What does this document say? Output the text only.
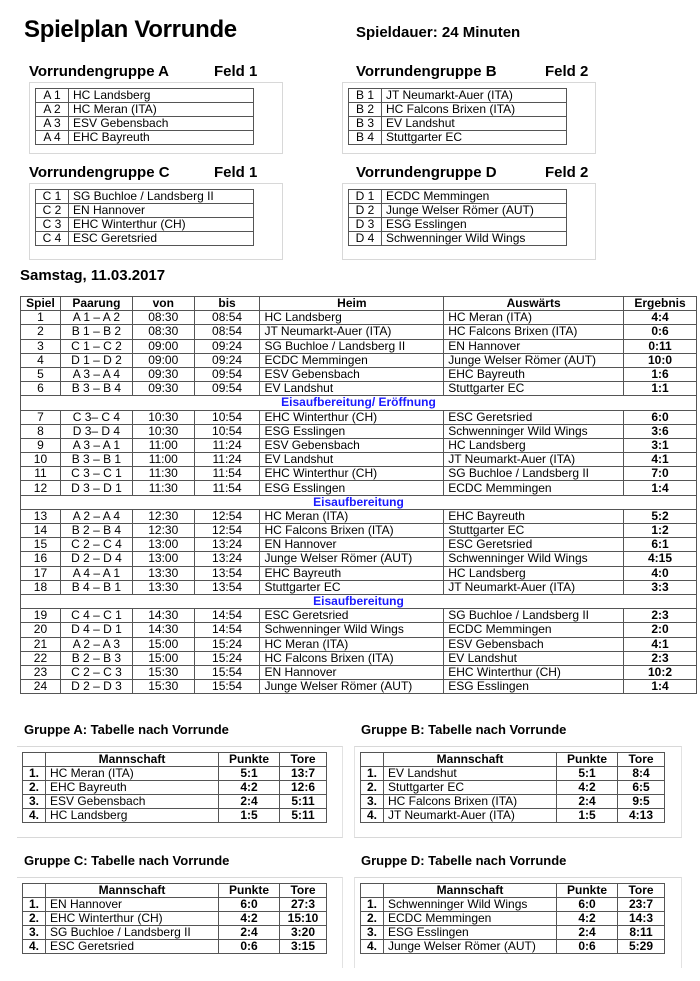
Spielplan Vorrunde	Spieldauer: 24 Minuten
Vorrundengruppe A	Feld 1
A 1	HC Landsberg
A 2	HC Meran (ITA)
A 3	ESV Gebensbach
A 4	EHC Bayreuth
Vorrundengruppe B	Feld 2
B 1	JT Neumarkt-Auer (ITA)
B 2	HC Falcons Brixen (ITA)
B 3	EV Landshut
B 4	Stuttgarter EC
Vorrundengruppe C	Feld 1
C 1	SG Buchloe / Landsberg II
C 2	EN Hannover
C 3	EHC Winterthur (CH)
C 4	ESC Geretsried
Vorrundengruppe D	Feld 2
D 1	ECDC Memmingen
D 2	Junge Welser Römer (AUT)
D 3	ESG Esslingen
D 4	Schwenninger Wild Wings
Samstag, 11.03.2017
Spiel	Paarung	von	bis	Heim	Auswärts	Ergebnis
1	A 1 – A 2	08:30	08:54	HC Landsberg	HC Meran (ITA)	4:4
2	B 1 – B 2	08:30	08:54	JT Neumarkt-Auer (ITA)	HC Falcons Brixen (ITA)	0:6
3	C 1 – C 2	09:00	09:24	SG Buchloe / Landsberg II	EN Hannover	0:11
4	D 1 – D 2	09:00	09:24	ECDC Memmingen	Junge Welser Römer (AUT)	10:0
5	A 3 – A 4	09:30	09:54	ESV Gebensbach	EHC Bayreuth	1:6
6	B 3 – B 4	09:30	09:54	EV Landshut	Stuttgarter EC	1:1
Eisaufbereitung/ Eröffnung						
7	C 3– C 4	10:30	10:54	EHC Winterthur (CH)	ESC Geretsried	6:0
8	D 3– D 4	10:30	10:54	ESG Esslingen	Schwenninger Wild Wings	3:6
9	A 3 – A 1	11:00	11:24	ESV Gebensbach	HC Landsberg	3:1
10	B 3 – B 1	11:00	11:24	EV Landshut	JT Neumarkt-Auer (ITA)	4:1
11	C 3 – C 1	11:30	11:54	EHC Winterthur (CH)	SG Buchloe / Landsberg II	7:0
12	D 3 – D 1	11:30	11:54	ESG Esslingen	ECDC Memmingen	1:4
Eisaufbereitung						
13	A 2 – A 4	12:30	12:54	HC Meran (ITA)	EHC Bayreuth	5:2
14	B 2 – B 4	12:30	12:54	HC Falcons Brixen (ITA)	Stuttgarter EC	1:2
15	C 2 – C 4	13:00	13:24	EN Hannover	ESC Geretsried	6:1
16	D 2 – D 4	13:00	13:24	Junge Welser Römer (AUT)	Schwenninger Wild Wings	4:15
17	A 4 – A 1	13:30	13:54	EHC Bayreuth	HC Landsberg	4:0
18	B 4 – B 1	13:30	13:54	Stuttgarter EC	JT Neumarkt-Auer (ITA)	3:3
Eisaufbereitung						
19	C 4 – C 1	14:30	14:54	ESC Geretsried	SG Buchloe / Landsberg II	2:3
20	D 4 – D 1	14:30	14:54	Schwenninger Wild Wings	ECDC Memmingen	2:0
21	A 2 – A 3	15:00	15:24	HC Meran (ITA)	ESV Gebensbach	4:1
22	B 2 – B 3	15:00	15:24	HC Falcons Brixen (ITA)	EV Landshut	2:3
23	C 2 – C 3	15:30	15:54	EN Hannover	EHC Winterthur (CH)	10:2
24	D 2 – D 3	15:30	15:54	Junge Welser Römer (AUT)	ESG Esslingen	1:4
Gruppe A: Tabelle nach Vorrunde
	Mannschaft	Punkte	Tore
1.	HC Meran (ITA)	5:1	13:7
2.	EHC Bayreuth	4:2	12:6
3.	ESV Gebensbach	2:4	5:11
4.	HC Landsberg	1:5	5:11
Gruppe B: Tabelle nach Vorrunde
	Mannschaft	Punkte	Tore
1.	EV Landshut	5:1	8:4
2.	Stuttgarter EC	4:2	6:5
3.	HC Falcons Brixen (ITA)	2:4	9:5
4.	JT Neumarkt-Auer (ITA)	1:5	4:13
Gruppe C: Tabelle nach Vorrunde
	Mannschaft	Punkte	Tore
1.	EN Hannover	6:0	27:3
2.	EHC Winterthur (CH)	4:2	15:10
3.	SG Buchloe / Landsberg II	2:4	3:20
4.	ESC Geretsried	0:6	3:15
Gruppe D: Tabelle nach Vorrunde
	Mannschaft	Punkte	Tore
1.	Schwenninger Wild Wings	6:0	23:7
2.	ECDC Memmingen	4:2	14:3
3.	ESG Esslingen	2:4	8:11
4.	Junge Welser Römer (AUT)	0:6	5:29
